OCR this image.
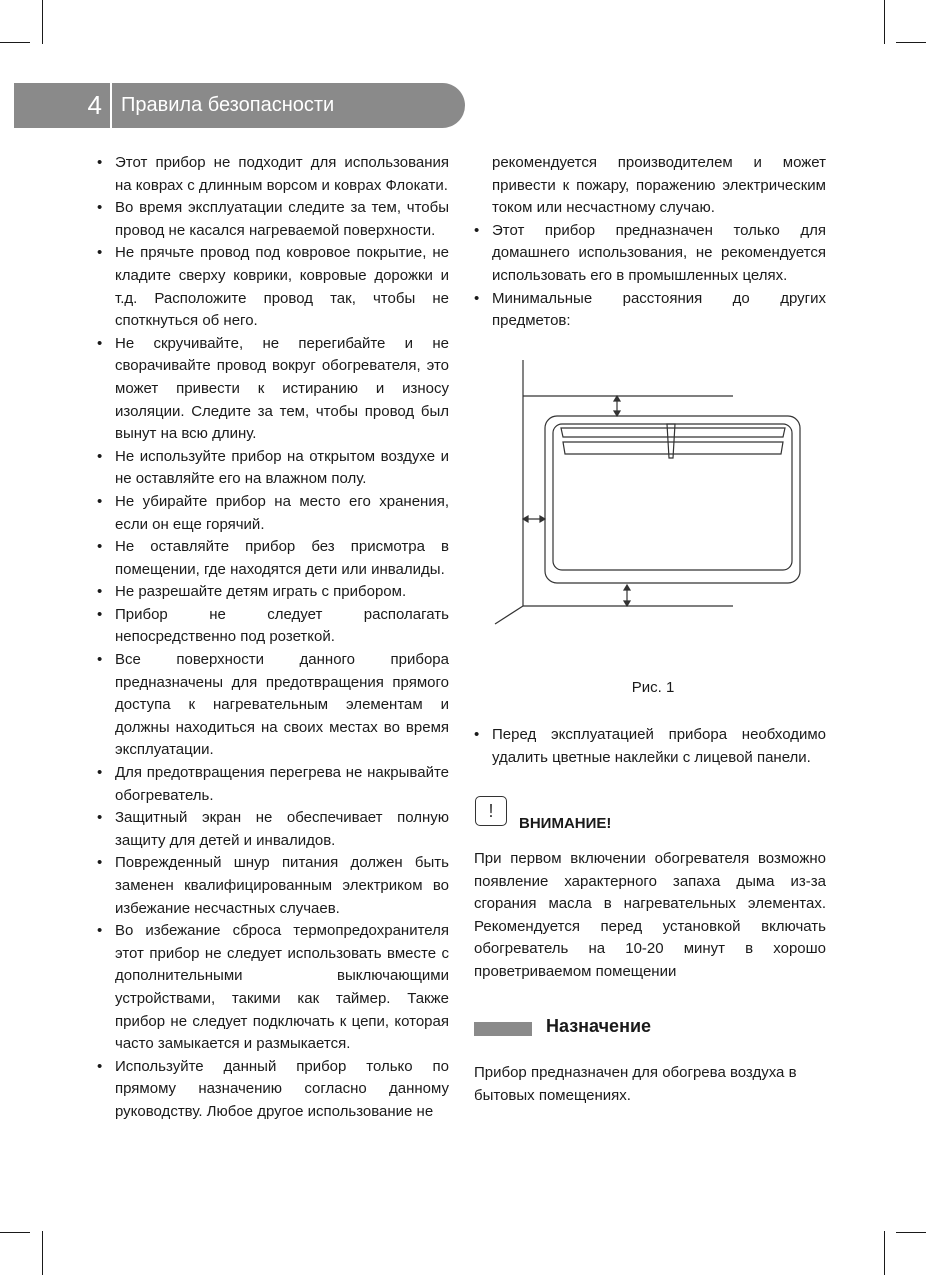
4 Правила безопасности
• Этот прибор не подходит для использования на коврах с длинным ворсом и коврах Флокати.
• Во время эксплуатации следите за тем, чтобы провод не касался нагреваемой поверхности.
• Не прячьте провод под ковровое покрытие, не кладите сверху коврики, ковровые дорожки и т.д. Расположите провод так, чтобы не споткнуться об него.
• Не скручивайте, не перегибайте и не сворачивайте провод вокруг обогревателя, это может привести к истиранию и износу изоляции. Следите за тем, чтобы провод был вынут на всю длину.
• Не используйте прибор на открытом воздухе и не оставляйте его на влажном полу.
• Не убирайте прибор на место его хранения, если он еще горячий.
• Не оставляйте прибор без присмотра в помещении, где находятся дети или инвалиды.
• Не разрешайте детям играть с прибором.
• Прибор не следует располагать непосредственно под розеткой.
• Все поверхности данного прибора предназначены для предотвращения прямого доступа к нагревательным элементам и должны находиться на своих местах во время эксплуатации.
• Для предотвращения перегрева не накрывайте обогреватель.
• Защитный экран не обеспечивает полную защиту для детей и инвалидов.
• Поврежденный шнур питания должен быть заменен квалифицированным электриком во избежание несчастных случаев.
• Во избежание сброса термопредохранителя этот прибор не следует использовать вместе с дополнительными выключающими устройствами, такими как таймер. Также прибор не следует подключать к цепи, которая часто замыкается и размыкается.
• Используйте данный прибор только по прямому назначению согласно данному руководству. Любое другое использование не
рекомендуется производителем и может привести к пожару, поражению электрическим током или несчастному случаю.
• Этот прибор предназначен только для домашнего использования, не рекомендуется использовать его в промышленных целях.
• Минимальные расстояния до других предметов:
Рис. 1
• Перед эксплуатацией прибора необходимо удалить цветные наклейки с лицевой панели.
!
ВНИМАНИЕ!
При первом включении обогревателя возможно появление характерного запаха дыма из-за сгорания масла в нагревательных элементах. Рекомендуется перед установкой включать обогреватель на 10-20 минут в хорошо проветриваемом помещении
Назначение
Прибор предназначен для обогрева воздуха в бытовых помещениях.
